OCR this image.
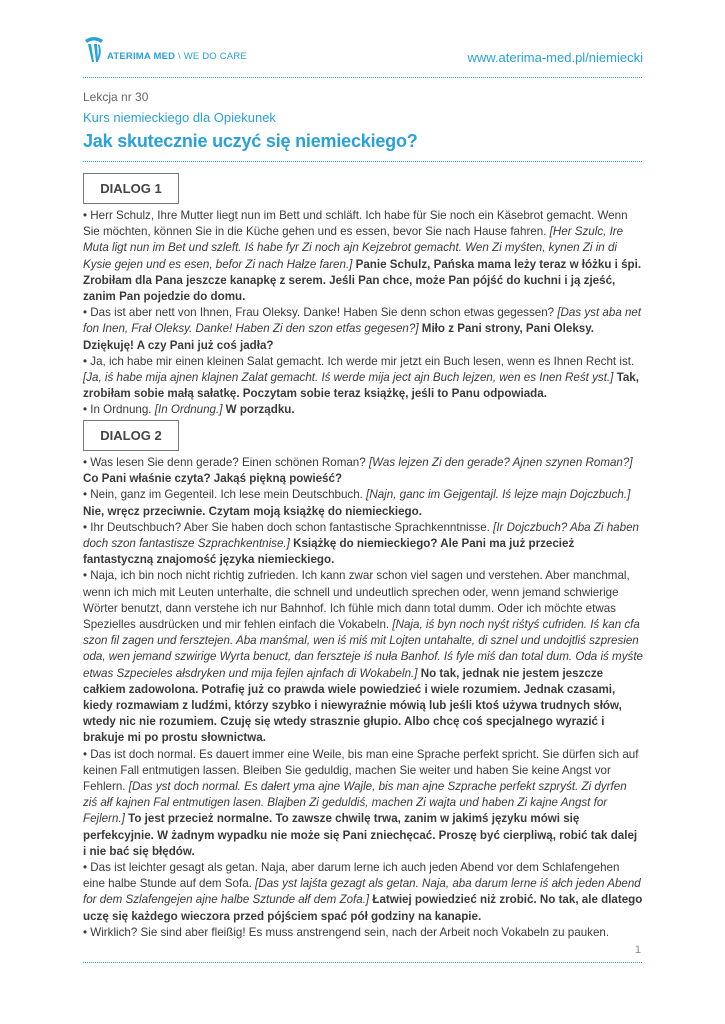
ATERIMA MED \ WE DO CARE	www.aterima-med.pl/niemiecki
Lekcja nr 30
Kurs niemieckiego dla Opiekunek
Jak skutecznie uczyć się niemieckiego?
DIALOG 1

• Herr Schulz, Ihre Mutter liegt nun im Bett und schläft. Ich habe für Sie noch ein Käsebrot gemacht. Wenn Sie möchten, können Sie in die Küche gehen und es essen, bevor Sie nach Hause fahren. [Her Szulc, Ire Muta ligt nun im Bet und szleft. Iś habe fyr Zi noch ajn Kejzebrot gemacht. Wen Zi myśten, kynen Zi in di Kysie gejen und es esen, befor Zi nach Hałze faren.] Panie Schulz, Pańska mama leży teraz w łóżku i śpi. Zrobiłam dla Pana jeszcze kanapkę z serem. Jeśli Pan chce, może Pan pójść do kuchni i ją zjeść, zanim Pan pojedzie do domu.

• Das ist aber nett von Ihnen, Frau Oleksy. Danke! Haben Sie denn schon etwas gegessen? [Das yst aba net fon Inen, Frał Oleksy. Danke! Haben Zi den szon etfas gegesen?] Miło z Pani strony, Pani Oleksy. Dziękuję! A czy Pani już coś jadła?

• Ja, ich habe mir einen kleinen Salat gemacht. Ich werde mir jetzt ein Buch lesen, wenn es Ihnen Recht ist. [Ja, iś habe mija ajnen klajnen Zalat gemacht. Iś werde mija ject ajn Buch lejzen, wen es Inen Reśt yst.] Tak, zrobiłam sobie małą sałatkę. Poczytam sobie teraz książkę, jeśli to Panu odpowiada.

• In Ordnung. [In Ordnung.] W porządku.

DIALOG 2

• Was lesen Sie denn gerade? Einen schönen Roman? [Was lejzen Zi den gerade? Ajnen szynen Roman?] Co Pani właśnie czyta? Jakąś piękną powieść?

• Nein, ganz im Gegenteil. Ich lese mein Deutschbuch. [Najn, ganc im Gejgentajl. Iś lejze majn Dojczbuch.] Nie, wręcz przeciwnie. Czytam moją książkę do niemieckiego.

• Ihr Deutschbuch? Aber Sie haben doch schon fantastische Sprachkenntnisse. [Ir Dojczbuch? Aba Zi haben doch szon fantastisze Szprachkentnise.] Książkę do niemieckiego? Ale Pani ma już przecież fantastyczną znajomość języka niemieckiego.

• Naja, ich bin noch nicht richtig zufrieden. Ich kann zwar schon viel sagen und verstehen. Aber manchmal, wenn ich mich mit Leuten unterhalte, die schnell und undeutlich sprechen oder, wenn jemand schwierige Wörter benutzt, dann verstehe ich nur Bahnhof. Ich fühle mich dann total dumm. Oder ich möchte etwas Spezielles ausdrücken und mir fehlen einfach die Vokabeln. [Naja, iś byn noch nyśt riśtyś cufriden. Iś kan cfa szon fil zagen und fersztejen. Aba manśmal, wen iś miś mit Lojten untahalte, di sznel und undojtliś szpresien oda, wen jemand szwirige Wyrta benuct, dan fersztejе iś nuła Banhof. Iś fyle miś dan total dum. Oda iś myśte etwas Szpecieles ałsdryken und mija fejlen ajnfach di Wokabeln.] No tak, jednak nie jestem jeszcze całkiem zadowolona. Potrafię już co prawda wiele powiedzieć i wiele rozumiem. Jednak czasami, kiedy rozmawiam z ludźmi, którzy szybko i niewyraźnie mówią lub jeśli ktoś używa trudnych słów, wtedy nic nie rozumiem. Czuję się wtedy strasznie głupio. Albo chcę coś specjalnego wyrazić i brakuje mi po prostu słownictwa.

• Das ist doch normal. Es dauert immer eine Weile, bis man eine Sprache perfekt spricht. Sie dürfen sich auf keinen Fall entmutigen lassen. Bleiben Sie geduldig, machen Sie weiter und haben Sie keine Angst vor Fehlern. [Das yst doch normal. Es dałert yma ajne Wajle, bis man ajne Szprache perfekt szpryśt. Zi dyrfen ziś ałf kajnen Fal entmutigen lasen. Blajben Zi geduldiś, machen Zi wajta und haben Zi kajne Angst for Fejlern.] To jest przecież normalne. To zawsze chwilę trwa, zanim w jakimś języku mówi się perfekcyjnie. W żadnym wypadku nie może się Pani zniechęcać. Proszę być cierpliwą, robić tak dalej i nie bać się błędów.

• Das ist leichter gesagt als getan. Naja, aber darum lerne ich auch jeden Abend vor dem Schlafengehen eine halbe Stunde auf dem Sofa. [Das yst lajśta gezagt als getan. Naja, aba darum lerne iś ałch jeden Abend for dem Szlafengejen ajne halbe Sztunde ałf dem Zofa.] Łatwiej powiedzieć niż zrobić. No tak, ale dlatego uczę się każdego wieczora przed pójściem spać pół godziny na kanapie.

• Wirklich? Sie sind aber fleißig! Es muss anstrengend sein, nach der Arbeit noch Vokabeln zu pauken.

1
